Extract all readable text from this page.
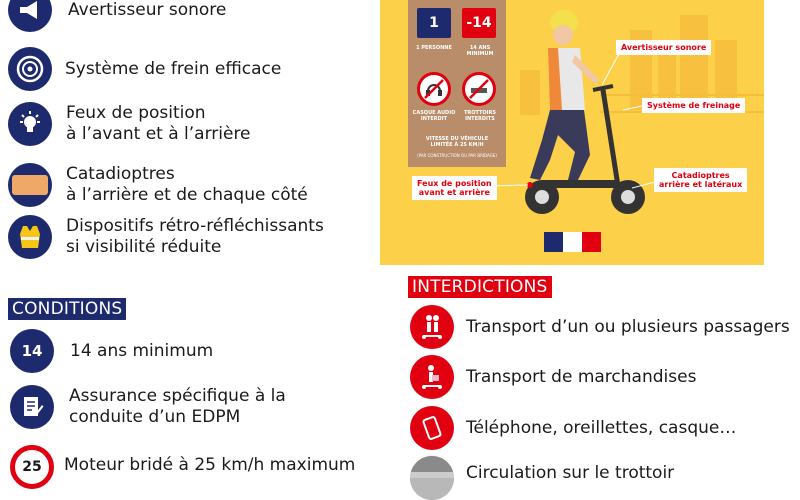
Avertisseur sonore
Système de frein efficace
Feux de position
à l’avant et à l’arrière
Catadioptres
à l’arrière et de chaque côté
Dispositifs rétro-réfléchissants
si visibilité réduite
CONDITIONS
14	14 ans minimum
Assurance spécifique à la
conduite d’un EDPM
25 Moteur bridé à 25 km/h maximum
1 -14
1 PERSONNE	14 ANS MINIMUM
CASQUE AUDIO INTERDIT
TROTTOIRS INTERDITS
VITESSE DU VÉHICULE LIMITÉE À 25 KM/H
(PAR CONSTRUCTION OU PAR BRIDAGE)
Avertisseur sonore
Système de freinage
Feux de position
avant et arrière
Catadioptres
arrière et latéraux
INTERDICTIONS
Transport d’un ou plusieurs passagers
Transport de marchandises
Téléphone, oreillettes, casque…
Circulation sur le trottoir
